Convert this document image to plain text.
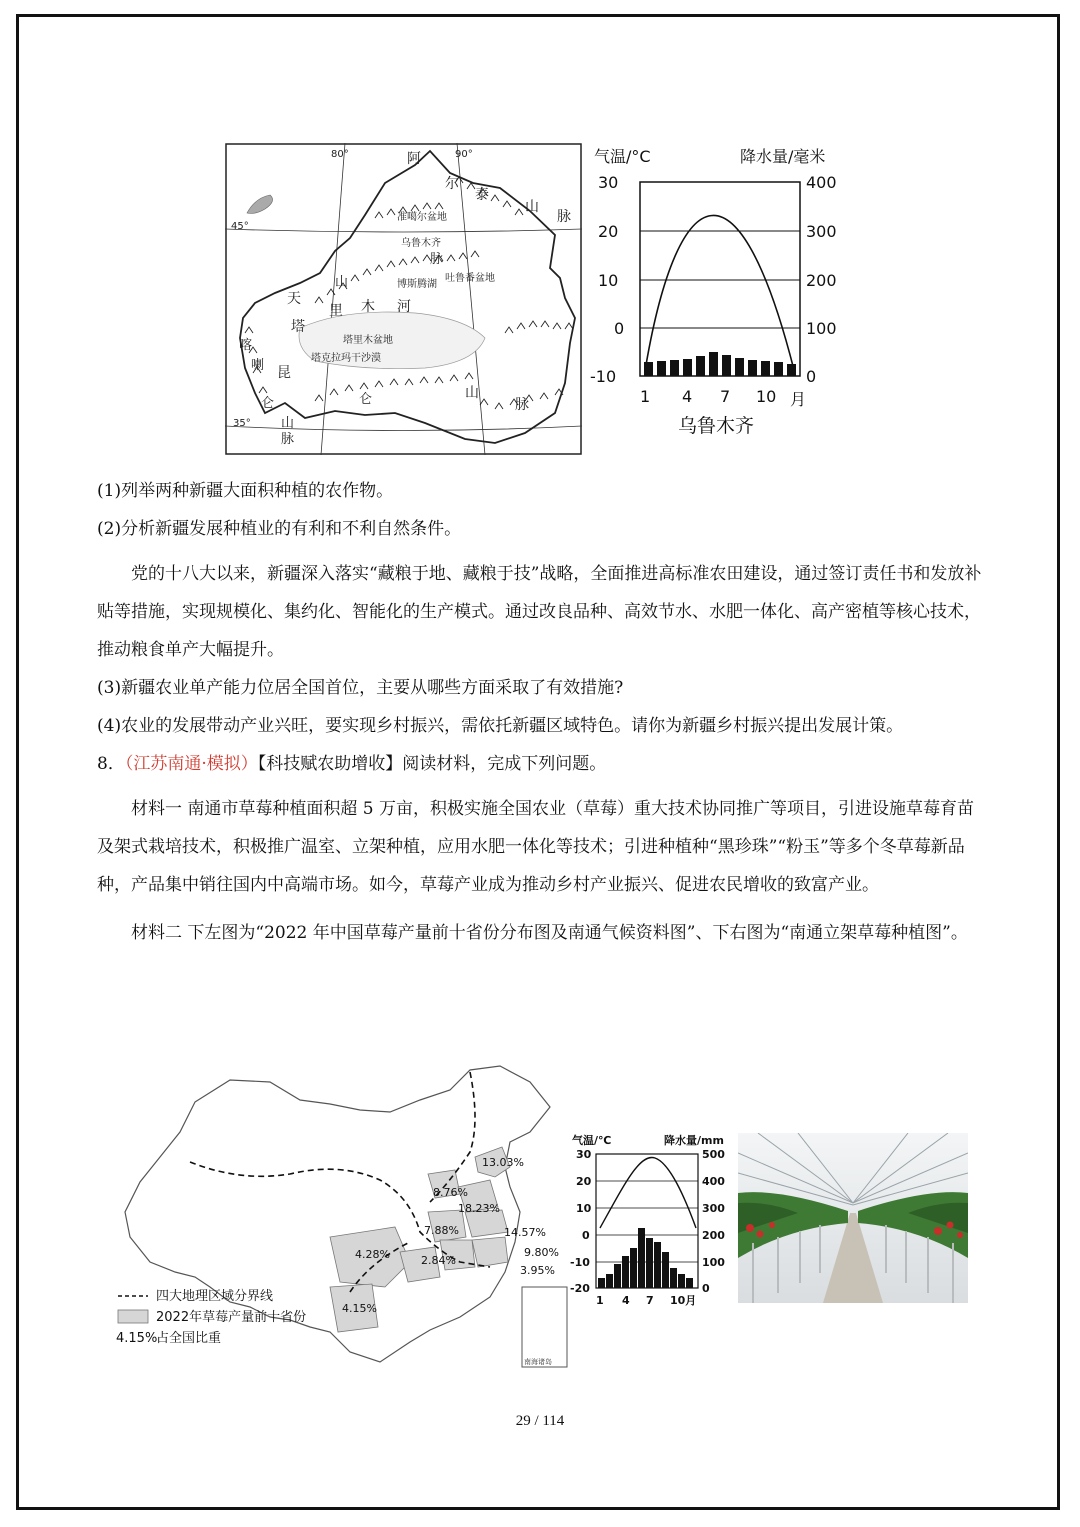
80°	90°
45°
35°
阿
尔
泰
山
脉
准噶尔盆地
乌鲁木齐
脉
吐鲁番盆地
博斯腾湖
山
天
里 木 河
塔
塔里木盆地
塔克拉玛干沙漠
喀
喇 昆
仑
山
脉
仑	山
脉
气温/°C	降水量/毫米
30
20
10
0
-10
400
300
200
100
0
1 4 7 10 月
乌鲁木齐

(1)列举两种新疆大面积种植的农作物。

(2)分析新疆发展种植业的有利和不利自然条件。

党的十八大以来，新疆深入落实“藏粮于地、藏粮于技”战略，全面推进高标准农田建设，通过签订责任书和发放补贴等措施，实现规模化、集约化、智能化的生产模式。通过改良品种、高效节水、水肥一体化、高产密植等核心技术，推动粮食单产大幅提升。

(3)新疆农业单产能力位居全国首位，主要从哪些方面采取了有效措施?

(4)农业的发展带动产业兴旺，要实现乡村振兴，需依托新疆区域特色。请你为新疆乡村振兴提出发展计策。

8．（江苏南通·模拟）【科技赋农助增收】阅读材料，完成下列问题。

材料一 南通市草莓种植面积超 5 万亩，积极实施全国农业（草莓）重大技术协同推广等项目，引进设施草莓育苗及架式栽培技术，积极推广温室、立架种植，应用水肥一体化等技术；引进种植种“黑珍珠”“粉玉”等多个冬草莓新品种，产品集中销往国内中高端市场。如今，草莓产业成为推动乡村产业振兴、促进农民增收的致富产业。

材料二 下左图为“2022 年中国草莓产量前十省份分布图及南通气候资料图”、下右图为“南通立架草莓种植图”。

南海诸岛
13.03%
8.76%
18.23%
14.57%
7.88%
9.80%
4.28%	2.84%
3.95%
4.15%
四大地理区域分界线
2022年草莓产量前十省份
4.15%
占全国比重
气温/℃	降水量/mm
30
20
10
0
-10
-20
500
400
300
200
100
0
1 4 7 10月
29 / 114
